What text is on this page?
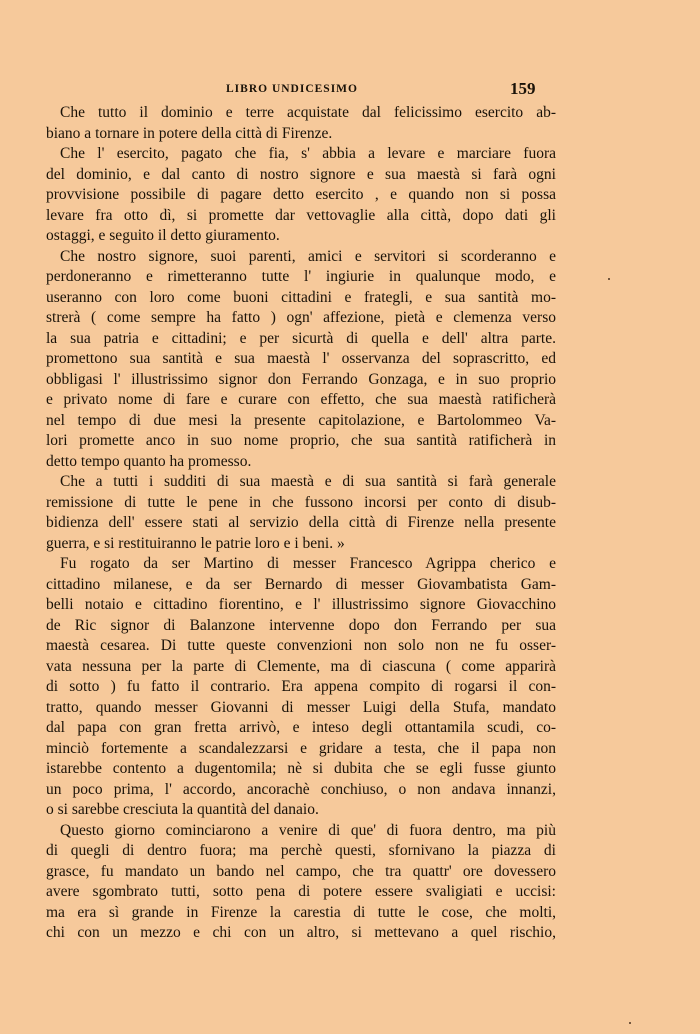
LIBRO UNDICESIMO	159
Che tutto il dominio e terre acquistate dal felicissimo esercito ab-
biano a tornare in potere della città di Firenze.
Che l' esercito, pagato che fia, s' abbia a levare e marciare fuora
del dominio, e dal canto di nostro signore e sua maestà si farà ogni
provvisione possibile di pagare detto esercito , e quando non si possa
levare fra otto dì, si promette dar vettovaglie alla città, dopo dati gli
ostaggi, e seguito il detto giuramento.
Che nostro signore, suoi parenti, amici e servitori si scorderanno e
perdoneranno e rimetteranno tutte l' ingiurie in qualunque modo, e
useranno con loro come buoni cittadini e frategli, e sua santità mo-
strerà ( come sempre ha fatto ) ogn' affezione, pietà e clemenza verso
la sua patria e cittadini; e per sicurtà di quella e dell' altra parte.
promettono sua santità e sua maestà l' osservanza del soprascritto, ed
obbligasi l' illustrissimo signor don Ferrando Gonzaga, e in suo proprio
e privato nome di fare e curare con effetto, che sua maestà ratificherà
nel tempo di due mesi la presente capitolazione, e Bartolommeo Va-
lori promette anco in suo nome proprio, che sua santità ratificherà in
detto tempo quanto ha promesso.
Che a tutti i sudditi di sua maestà e di sua santità si farà generale
remissione di tutte le pene in che fussono incorsi per conto di disub-
bidienza dell' essere stati al servizio della città di Firenze nella presente
guerra, e si restituiranno le patrie loro e i beni. »
Fu rogato da ser Martino di messer Francesco Agrippa cherico e
cittadino milanese, e da ser Bernardo di messer Giovambatista Gam-
belli notaio e cittadino fiorentino, e l' illustrissimo signore Giovacchino
de Ric signor di Balanzone intervenne dopo don Ferrando per sua
maestà cesarea. Di tutte queste convenzioni non solo non ne fu osser-
vata nessuna per la parte di Clemente, ma di ciascuna ( come apparirà
di sotto ) fu fatto il contrario. Era appena compito di rogarsi il con-
tratto, quando messer Giovanni di messer Luigi della Stufa, mandato
dal papa con gran fretta arrivò, e inteso degli ottantamila scudi, co-
minciò fortemente a scandalezzarsi e gridare a testa, che il papa non
istarebbe contento a dugentomila; nè si dubita che se egli fusse giunto
un poco prima, l' accordo, ancorachè conchiuso, o non andava innanzi,
o si sarebbe cresciuta la quantità del danaio.
Questo giorno cominciarono a venire di que' di fuora dentro, ma più
di quegli di dentro fuora; ma perchè questi, sfornivano la piazza di
grasce, fu mandato un bando nel campo, che tra quattr' ore dovessero
avere sgombrato tutti, sotto pena di potere essere svaligiati e uccisi:
ma era sì grande in Firenze la carestia di tutte le cose, che molti,
chi con un mezzo e chi con un altro, si mettevano a quel rischio,
